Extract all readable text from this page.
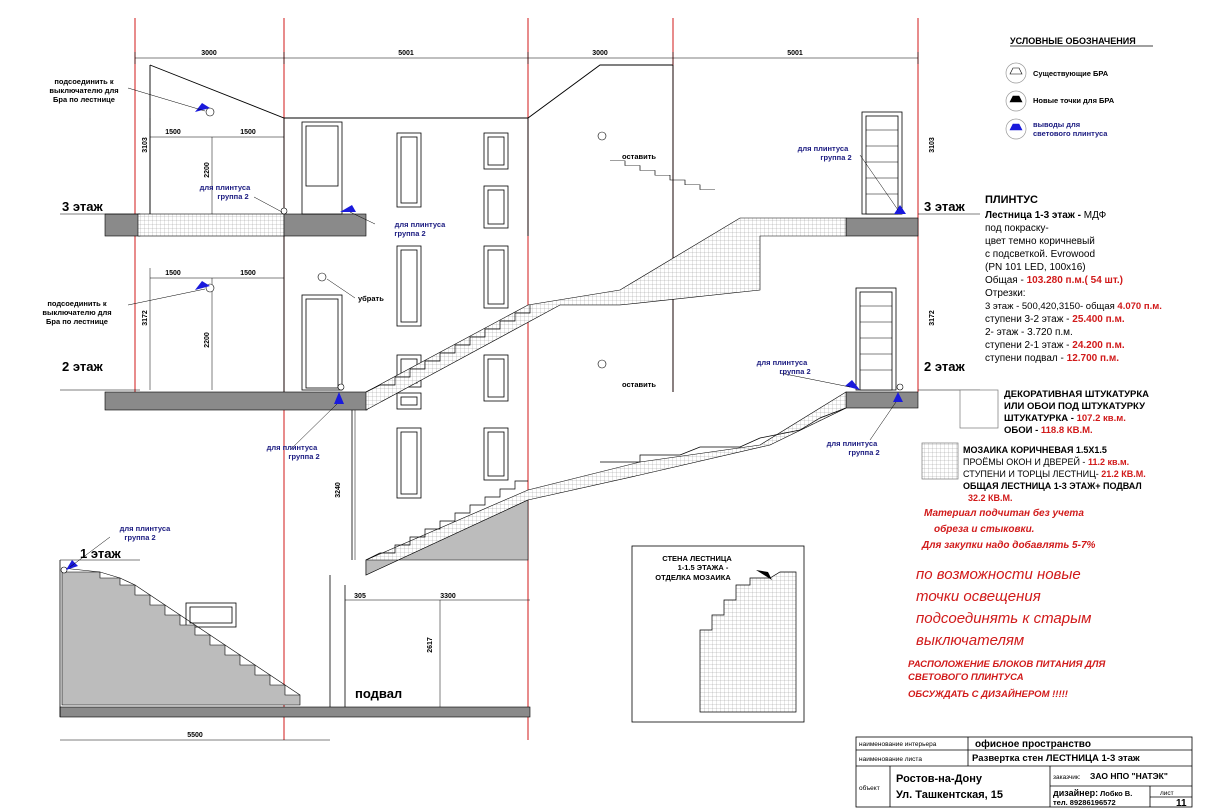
3000	5001	3000	5001
3 этаж	3 этаж
2 этаж	2 этаж
1 этаж
подвал
1500	1500
1500	1500
3103
2200
3172
2200
3240
2617
3103
3172
305	3300
5500
подсоединить к
выключателю для
Бра по лестнице
подсоединить к
выключателю для
Бра по лестнице
для плинтуса
группа 2
для плинтуса
группа 2
для плинтуса
группа 2
для плинтуса
группа 2
для плинтуса
группа 2
для плинтуса
группа 2
для плинтуса
группа 2
оставить
оставить
убрать
УСЛОВНЫЕ ОБОЗНАЧЕНИЯ
Существующие БРА
Новые точки для БРА
выводы для
светового плинтуса
ПЛИНТУС
Лестница 1-3 этаж - МДФ
под покраску-
цвет темно коричневый
с подсветкой. Evrowood
(PN 101 LED, 100x16)
Общая - 103.280 п.м.( 54 шт.)
Отрезки:
3 этаж - 500,420,3150- общая 4.070 п.м.
ступени 3-2 этаж - 25.400 п.м.
2- этаж - 3.720 п.м.
ступени 2-1 этаж - 24.200 п.м.
ступени подвал - 12.700 п.м.
ДЕКОРАТИВНАЯ ШТУКАТУРКА
ИЛИ ОБОИ ПОД ШТУКАТУРКУ
ШТУКАТУРКА - 107.2 кв.м.
ОБОИ - 118.8 КВ.М.
МОЗАИКА КОРИЧНЕВАЯ 1.5Х1.5
ПРОЁМЫ ОКОН И ДВЕРЕЙ - 11.2 кв.м.
СТУПЕНИ И ТОРЦЫ ЛЕСТНИЦ- 21.2 КВ.М.
ОБЩАЯ ЛЕСТНИЦА 1-3 ЭТАЖ+ ПОДВАЛ
32.2 КВ.М.
Материал подчитан без учета
обреза и стыковки.
Для закупки надо добавлять 5-7%
по возможности новые
точки освещения
подсоединять к старым
выключателям
РАСПОЛОЖЕНИЕ БЛОКОВ ПИТАНИЯ ДЛЯ
СВЕТОВОГО ПЛИНТУСА
ОБСУЖДАТЬ С ДИЗАЙНЕРОМ !!!!!
СТЕНА ЛЕСТНИЦА
1-1.5 ЭТАЖА -
ОТДЕЛКА МОЗАИКА
наименование интерьера	офисное пространство
наименование листа	Развертка стен ЛЕСТНИЦА 1-3 этаж
объект
Ростов-на-Дону
Ул. Ташкентская, 15
заказчик: ЗАО НПО "НАТЭК"
дизайнер: Лобко В.
тел. 89286196572
лист
11
